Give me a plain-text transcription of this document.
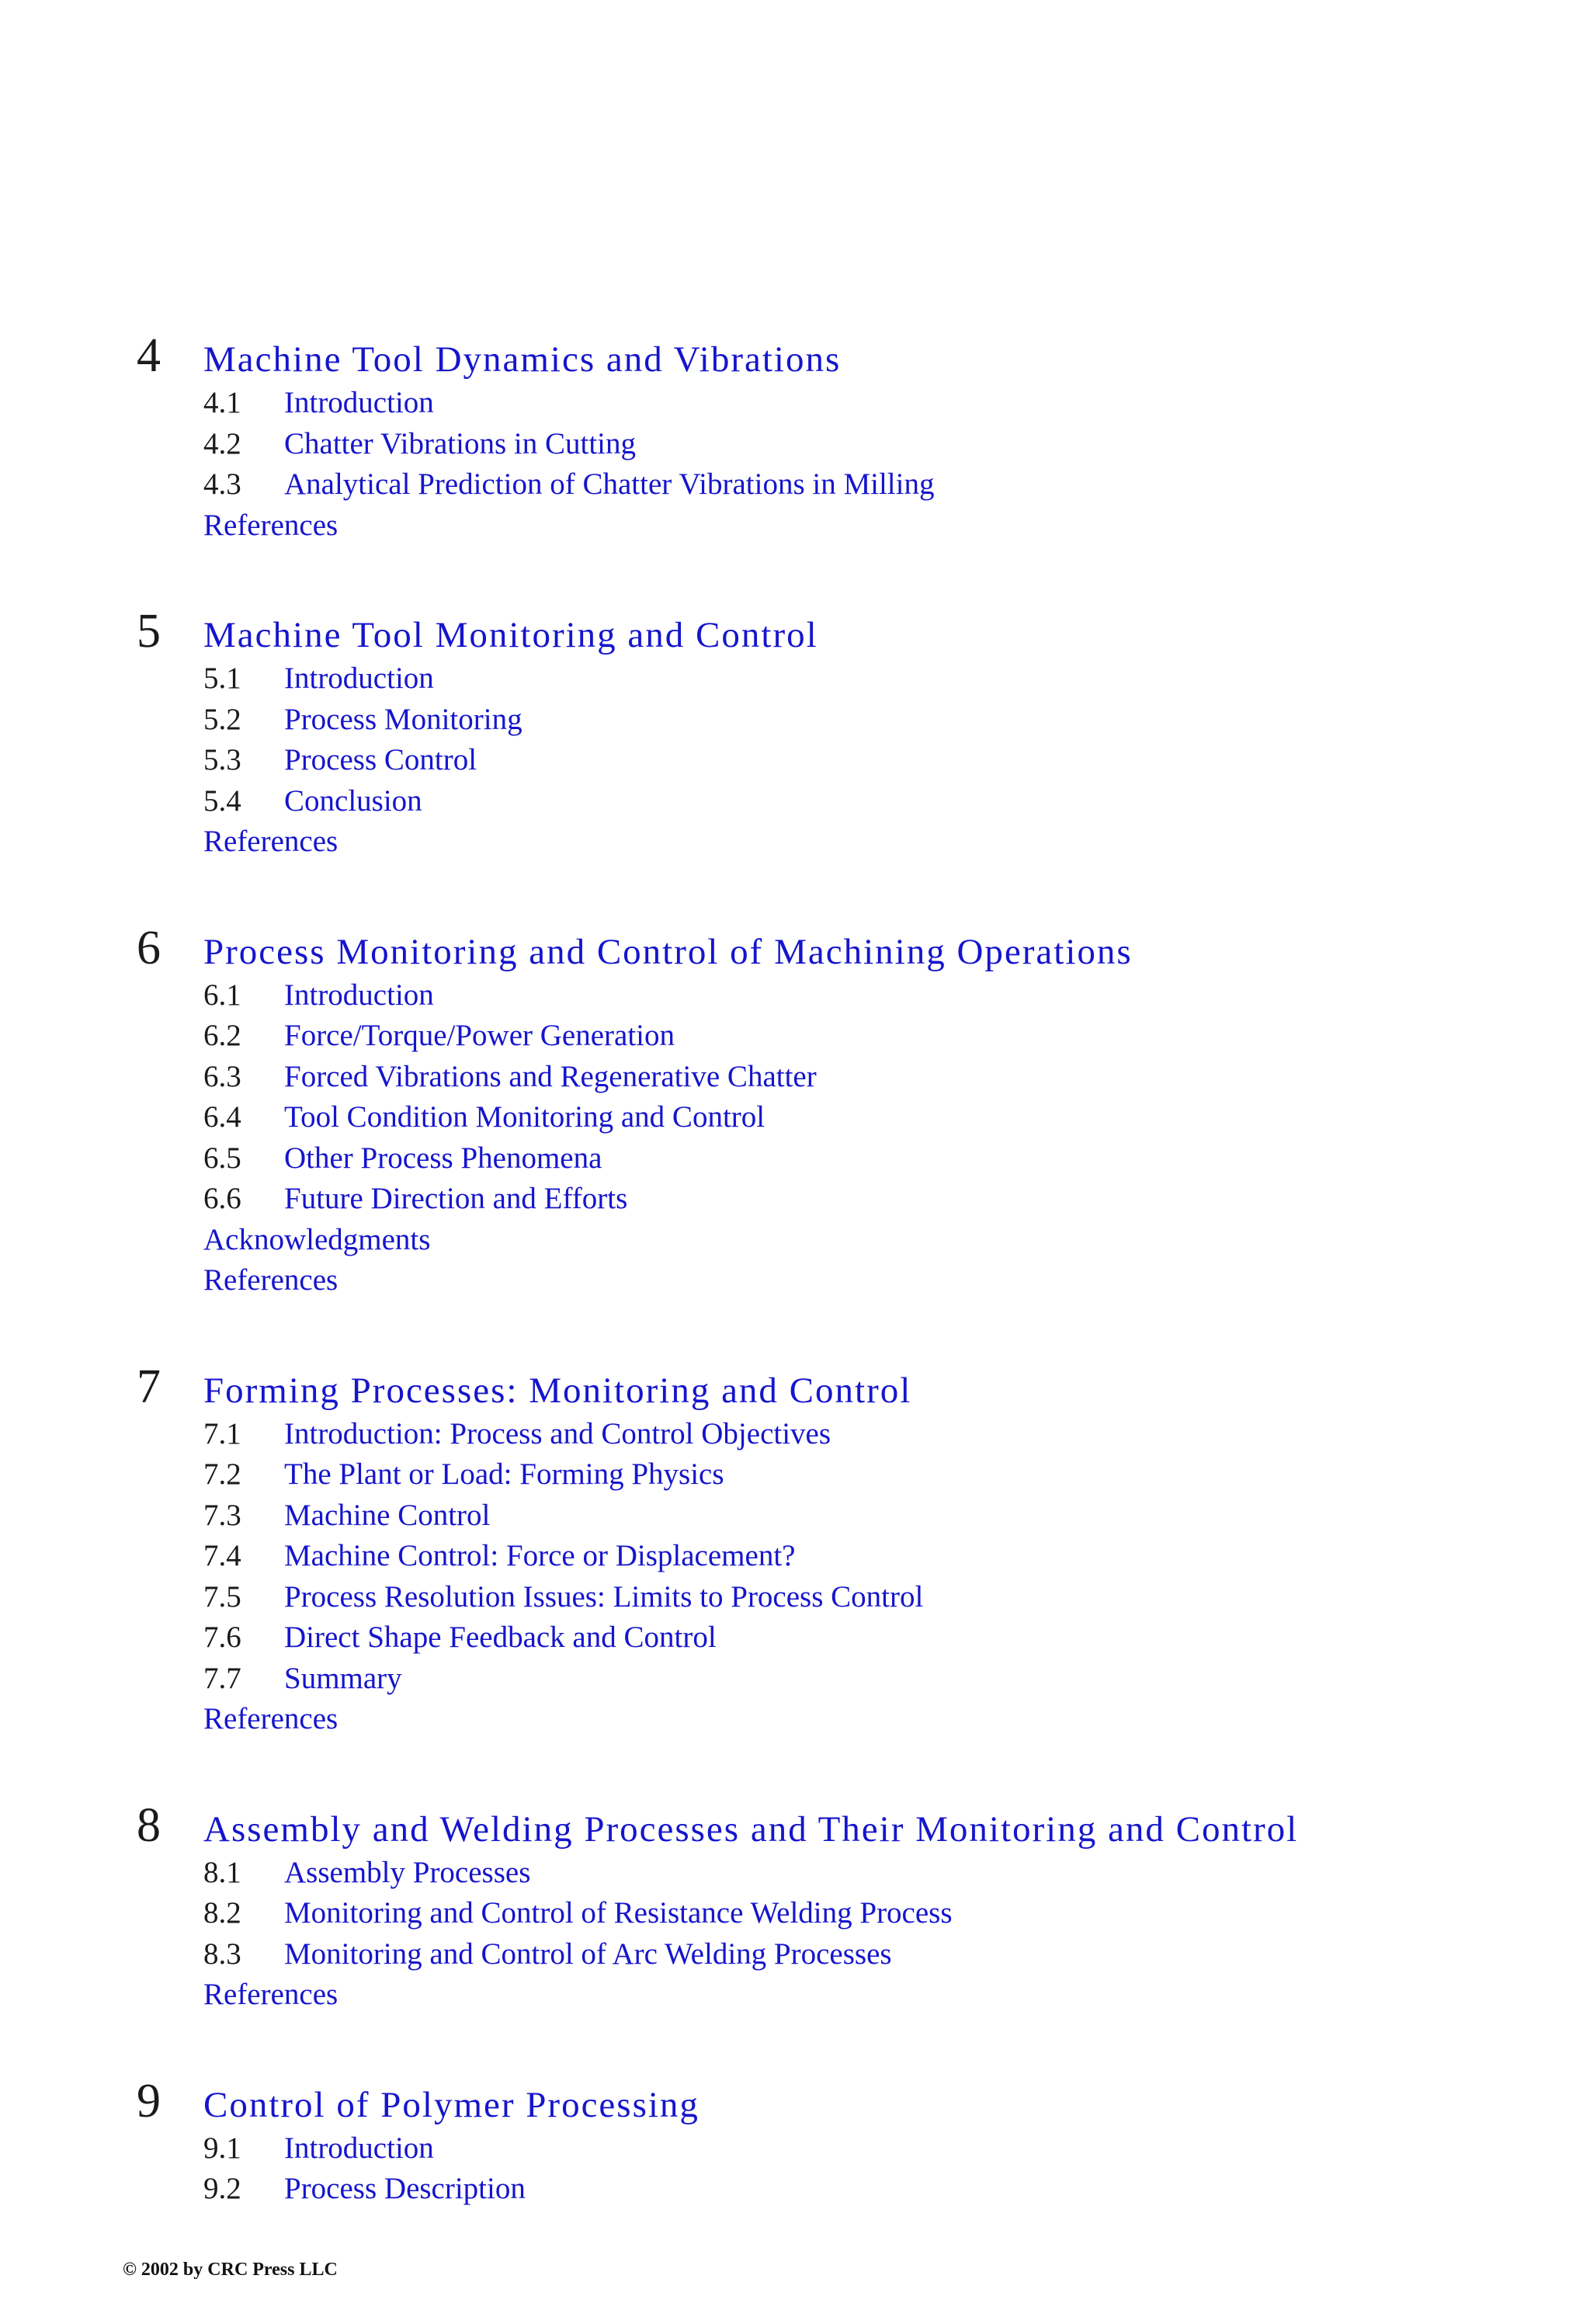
4 Machine Tool Dynamics and Vibrations
4.1 Introduction
4.2 Chatter Vibrations in Cutting
4.3 Analytical Prediction of Chatter Vibrations in Milling
References
5 Machine Tool Monitoring and Control
5.1 Introduction
5.2 Process Monitoring
5.3 Process Control
5.4 Conclusion
References
6 Process Monitoring and Control of Machining Operations
6.1 Introduction
6.2 Force/Torque/Power Generation
6.3 Forced Vibrations and Regenerative Chatter
6.4 Tool Condition Monitoring and Control
6.5 Other Process Phenomena
6.6 Future Direction and Efforts
Acknowledgments
References
7 Forming Processes: Monitoring and Control
7.1 Introduction: Process and Control Objectives
7.2 The Plant or Load: Forming Physics
7.3 Machine Control
7.4 Machine Control: Force or Displacement?
7.5 Process Resolution Issues: Limits to Process Control
7.6 Direct Shape Feedback and Control
7.7 Summary
References
8 Assembly and Welding Processes and Their Monitoring and Control
8.1 Assembly Processes
8.2 Monitoring and Control of Resistance Welding Process
8.3 Monitoring and Control of Arc Welding Processes
References
9 Control of Polymer Processing
9.1 Introduction
9.2 Process Description
© 2002 by CRC Press LLC
